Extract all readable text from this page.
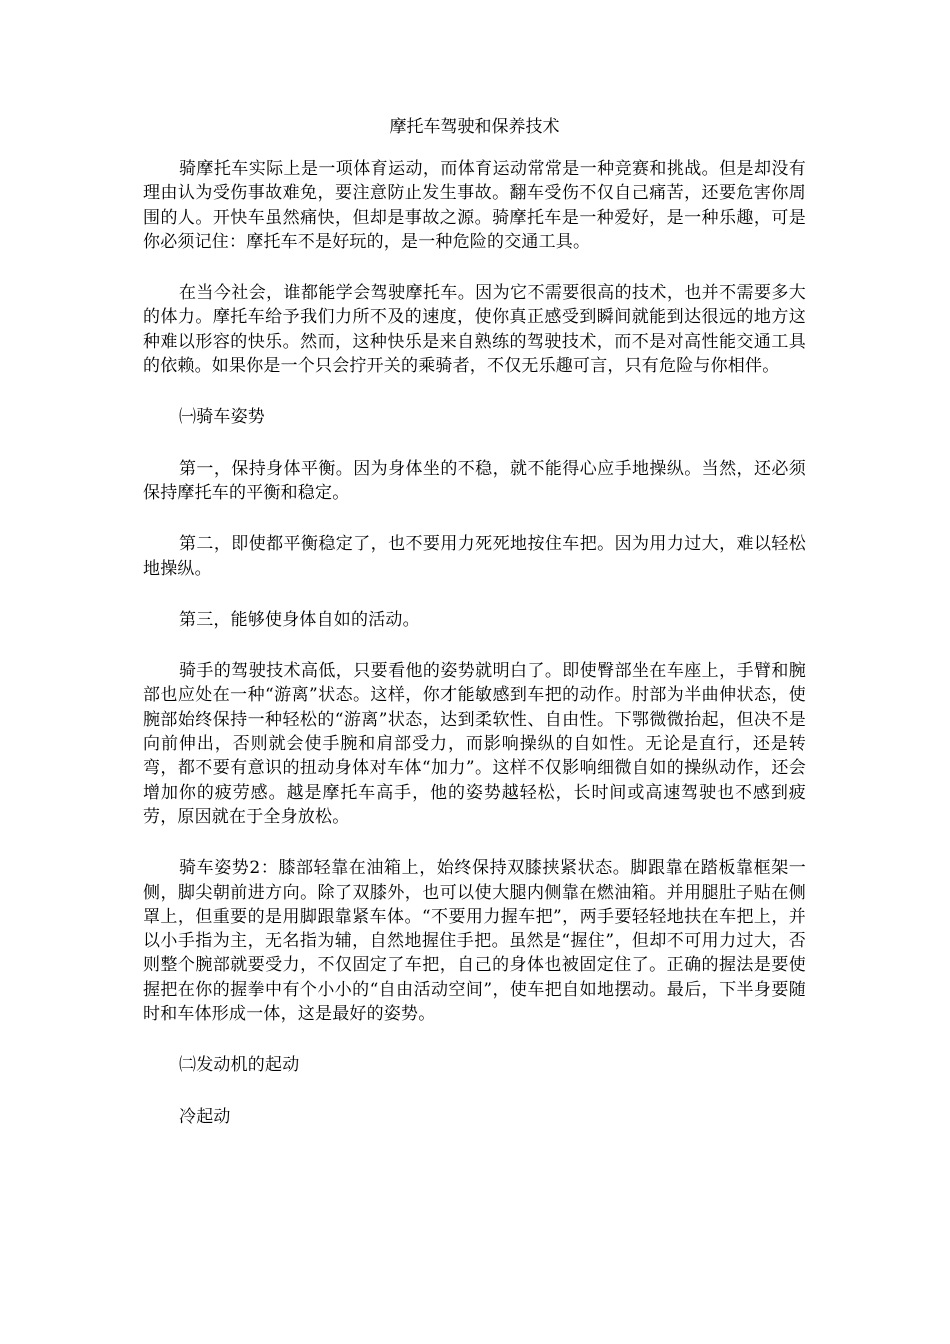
摩托车驾驶和保养技术

骑摩托车实际上是一项体育运动，而体育运动常常是一种竞赛和挑战。但是却没有理由认为受伤事故难免，要注意防止发生事故。翻车受伤不仅自己痛苦，还要危害你周围的人。开快车虽然痛快，但却是事故之源。骑摩托车是一种爱好，是一种乐趣，可是你必须记住：摩托车不是好玩的，是一种危险的交通工具。

在当今社会，谁都能学会驾驶摩托车。因为它不需要很高的技术，也并不需要多大的体力。摩托车给予我们力所不及的速度，使你真正感受到瞬间就能到达很远的地方这种难以形容的快乐。然而，这种快乐是来自熟练的驾驶技术，而不是对高性能交通工具的依赖。如果你是一个只会拧开关的乘骑者，不仅无乐趣可言，只有危险与你相伴。

㈠骑车姿势

第一，保持身体平衡。因为身体坐的不稳，就不能得心应手地操纵。当然，还必须保持摩托车的平衡和稳定。

第二，即使都平衡稳定了，也不要用力死死地按住车把。因为用力过大，难以轻松地操纵。

第三，能够使身体自如的活动。

骑手的驾驶技术高低，只要看他的姿势就明白了。即使臀部坐在车座上，手臂和腕部也应处在一种“游离”状态。这样，你才能敏感到车把的动作。肘部为半曲伸状态，使腕部始终保持一种轻松的“游离”状态，达到柔软性、自由性。下鄂微微抬起，但决不是向前伸出，否则就会使手腕和肩部受力，而影响操纵的自如性。无论是直行，还是转弯，都不要有意识的扭动身体对车体“加力”。这样不仅影响细微自如的操纵动作，还会增加你的疲劳感。越是摩托车高手，他的姿势越轻松，长时间或高速驾驶也不感到疲劳，原因就在于全身放松。

骑车姿势2：膝部轻靠在油箱上，始终保持双膝挟紧状态。脚跟靠在踏板靠框架一侧，脚尖朝前进方向。除了双膝外，也可以使大腿内侧靠在燃油箱。并用腿肚子贴在侧罩上，但重要的是用脚跟靠紧车体。“不要用力握车把”，两手要轻轻地扶在车把上，并以小手指为主，无名指为辅，自然地握住手把。虽然是“握住”，但却不可用力过大，否则整个腕部就要受力，不仅固定了车把，自己的身体也被固定住了。正确的握法是要使握把在你的握拳中有个小小的“自由活动空间”，使车把自如地摆动。最后，下半身要随时和车体形成一体，这是最好的姿势。

㈡发动机的起动

冷起动
